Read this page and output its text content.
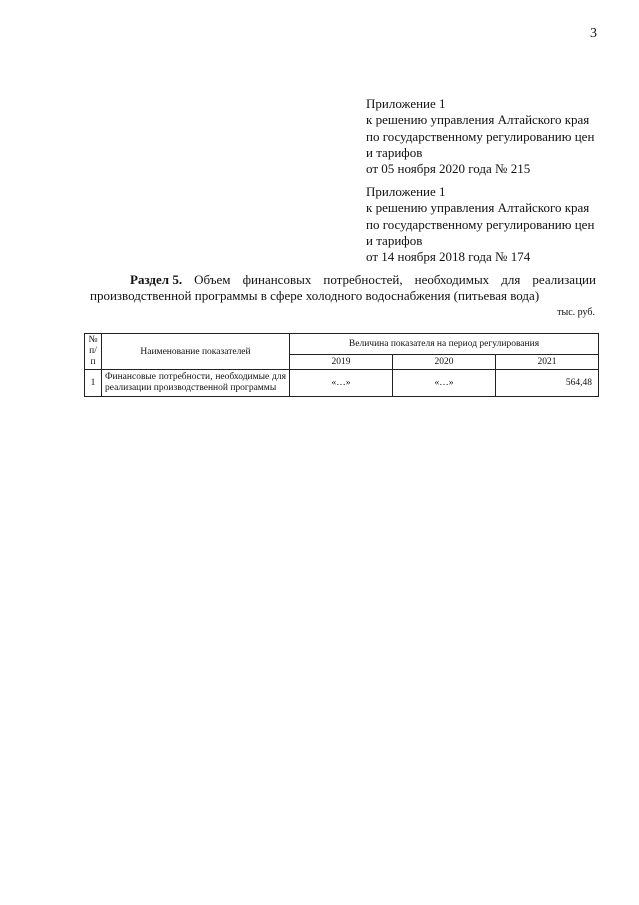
3
Приложение 1
к решению управления Алтайского края
по государственному регулированию цен
и тарифов
от 05 ноября 2020 года № 215
Приложение 1
к решению управления Алтайского края
по государственному регулированию цен
и тарифов
от 14 ноября 2018 года № 174
Раздел 5. Объем финансовых потребностей, необходимых для реализации
производственной программы в сфере холодного водоснабжения (питьевая вода)
тыс. руб.
№
п/п	Наименование показателей	Величина показателя на период регулирования		
		2019	2020	2021
1	Финансовые потребности, необходимые для реализации производственной программы	«…»	«…»	564,48
